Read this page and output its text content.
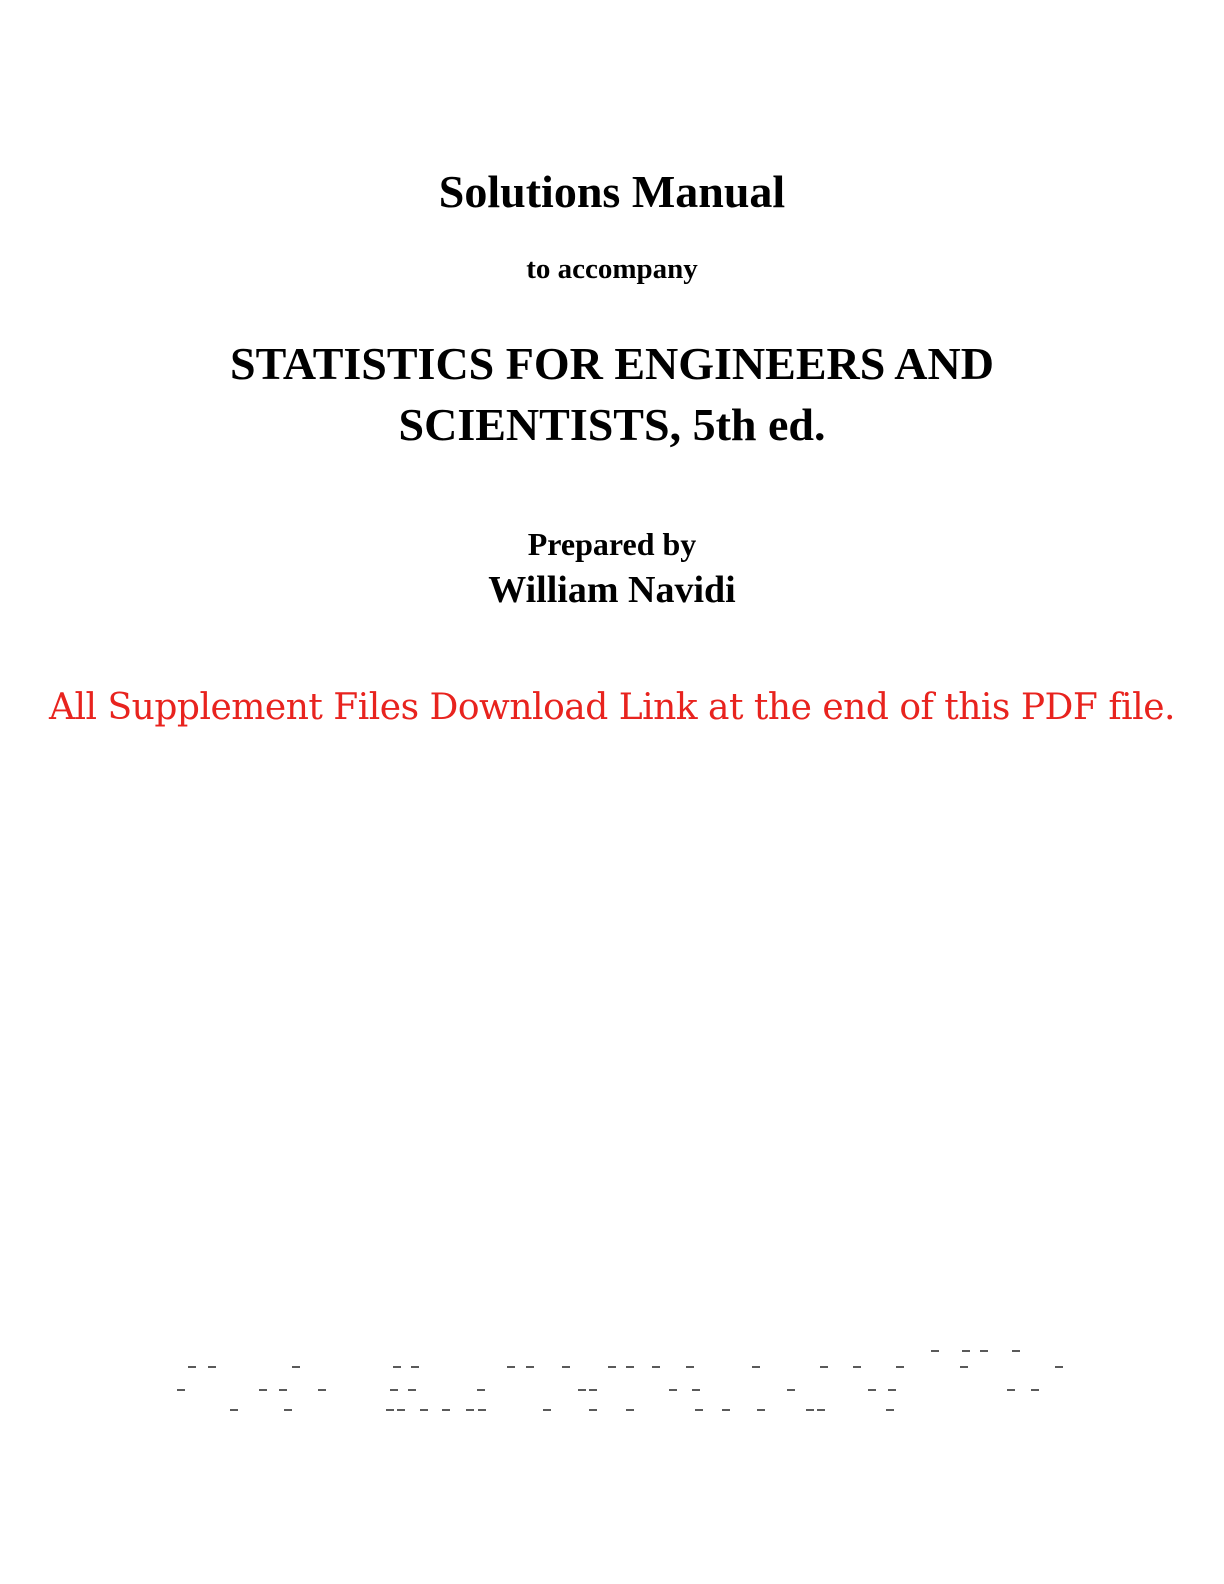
Solutions Manual
to accompany
STATISTICS FOR ENGINEERS AND
SCIENTISTS, 5th ed.
Prepared by
William Navidi
All Supplement Files Download Link at the end of this PDF file.
